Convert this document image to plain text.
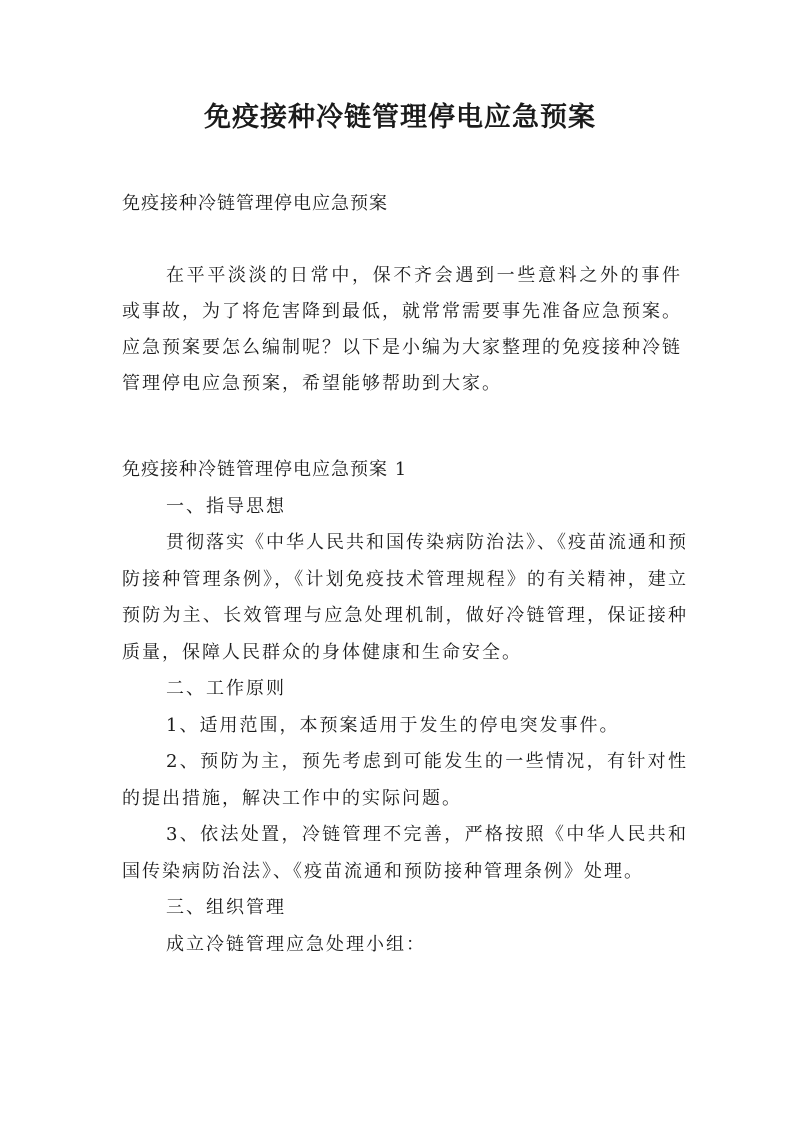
免疫接种冷链管理停电应急预案
免疫接种冷链管理停电应急预案

在平平淡淡的日常中，保不齐会遇到一些意料之外的事件或事故，为了将危害降到最低，就常常需要事先准备应急预案。应急预案要怎么编制呢？以下是小编为大家整理的免疫接种冷链管理停电应急预案，希望能够帮助到大家。

免疫接种冷链管理停电应急预案 1

一、指导思想

贯彻落实《中华人民共和国传染病防治法》、《疫苗流通和预防接种管理条例》，《计划免疫技术管理规程》的有关精神，建立预防为主、长效管理与应急处理机制，做好冷链管理，保证接种质量，保障人民群众的身体健康和生命安全。

二、工作原则

1、适用范围，本预案适用于发生的停电突发事件。

2、预防为主，预先考虑到可能发生的一些情况，有针对性的提出措施，解决工作中的实际问题。

3、依法处置，冷链管理不完善，严格按照《中华人民共和国传染病防治法》、《疫苗流通和预防接种管理条例》处理。

三、组织管理

成立冷链管理应急处理小组：
